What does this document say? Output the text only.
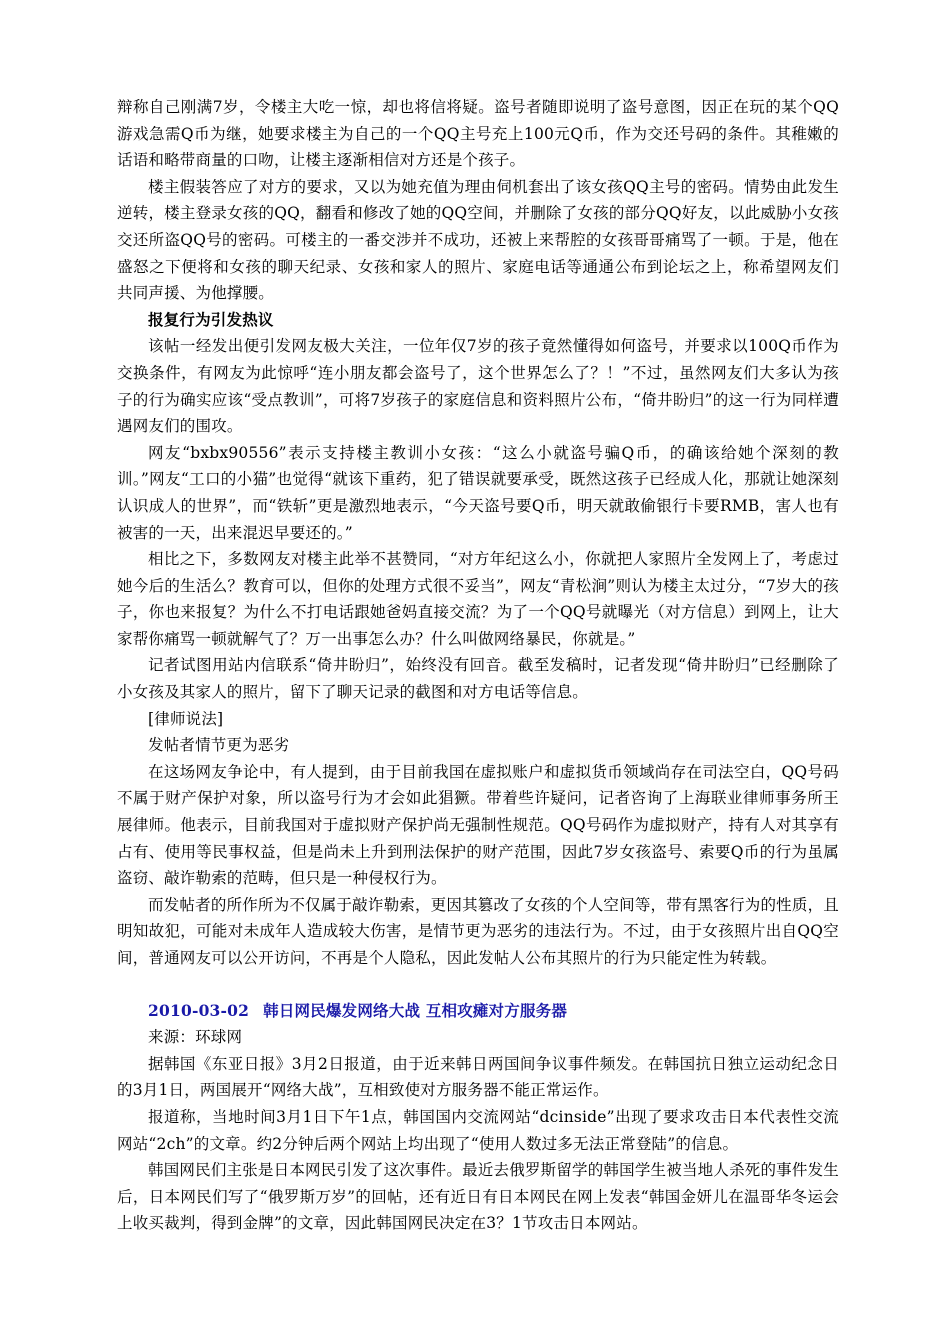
辩称自己刚满7岁，令楼主大吃一惊，却也将信将疑。盗号者随即说明了盗号意图，因正在玩的某个QQ游戏急需Q币为继，她要求楼主为自己的一个QQ主号充上100元Q币，作为交还号码的条件。其稚嫩的话语和略带商量的口吻，让楼主逐渐相信对方还是个孩子。

楼主假装答应了对方的要求，又以为她充值为理由伺机套出了该女孩QQ主号的密码。情势由此发生逆转，楼主登录女孩的QQ，翻看和修改了她的QQ空间，并删除了女孩的部分QQ好友，以此威胁小女孩交还所盗QQ号的密码。可楼主的一番交涉并不成功，还被上来帮腔的女孩哥哥痛骂了一顿。于是，他在盛怒之下便将和女孩的聊天纪录、女孩和家人的照片、家庭电话等通通公布到论坛之上，称希望网友们共同声援、为他撑腰。

报复行为引发热议

该帖一经发出便引发网友极大关注，一位年仅7岁的孩子竟然懂得如何盗号，并要求以100Q币作为交换条件，有网友为此惊呼“连小朋友都会盗号了，这个世界怎么了？！”不过，虽然网友们大多认为孩子的行为确实应该“受点教训”，可将7岁孩子的家庭信息和资料照片公布，“倚井盼归”的这一行为同样遭遇网友们的围攻。

网友“bxbx90556”表示支持楼主教训小女孩：“这么小就盗号骗Q币，的确该给她个深刻的教训。”网友“工口的小猫”也觉得“就该下重药，犯了错误就要承受，既然这孩子已经成人化，那就让她深刻认识成人的世界”，而“铁斩”更是激烈地表示，“今天盗号要Q币，明天就敢偷银行卡要RMB，害人也有被害的一天，出来混迟早要还的。”

相比之下，多数网友对楼主此举不甚赞同，“对方年纪这么小，你就把人家照片全发网上了，考虑过她今后的生活么？教育可以，但你的处理方式很不妥当”，网友“青松涧”则认为楼主太过分，“7岁大的孩子，你也来报复？为什么不打电话跟她爸妈直接交流？为了一个QQ号就曝光（对方信息）到网上，让大家帮你痛骂一顿就解气了？万一出事怎么办？什么叫做网络暴民，你就是。”

记者试图用站内信联系“倚井盼归”，始终没有回音。截至发稿时，记者发现“倚井盼归”已经删除了小女孩及其家人的照片，留下了聊天记录的截图和对方电话等信息。

[律师说法]

发帖者情节更为恶劣

在这场网友争论中，有人提到，由于目前我国在虚拟账户和虚拟货币领域尚存在司法空白，QQ号码不属于财产保护对象，所以盗号行为才会如此猖獗。带着些许疑问，记者咨询了上海联业律师事务所王展律师。他表示，目前我国对于虚拟财产保护尚无强制性规范。QQ号码作为虚拟财产，持有人对其享有占有、使用等民事权益，但是尚未上升到刑法保护的财产范围，因此7岁女孩盗号、索要Q币的行为虽属盗窃、敲诈勒索的范畴，但只是一种侵权行为。

而发帖者的所作所为不仅属于敲诈勒索，更因其篡改了女孩的个人空间等，带有黑客行为的性质，且明知故犯，可能对未成年人造成较大伤害，是情节更为恶劣的违法行为。不过，由于女孩照片出自QQ空间，普通网友可以公开访问，不再是个人隐私，因此发帖人公布其照片的行为只能定性为转载。

2010-03-02 韩日网民爆发网络大战 互相攻瘫对方服务器

来源：环球网

据韩国《东亚日报》3月2日报道，由于近来韩日两国间争议事件频发。在韩国抗日独立运动纪念日的3月1日，两国展开“网络大战”，互相致使对方服务器不能正常运作。

报道称，当地时间3月1日下午1点，韩国国内交流网站“dcinside”出现了要求攻击日本代表性交流网站“2ch”的文章。约2分钟后两个网站上均出现了“使用人数过多无法正常登陆”的信息。

韩国网民们主张是日本网民引发了这次事件。最近去俄罗斯留学的韩国学生被当地人杀死的事件发生后，日本网民们写了“俄罗斯万岁”的回帖，还有近日有日本网民在网上发表“韩国金妍儿在温哥华冬运会上收买裁判，得到金牌”的文章，因此韩国网民决定在3？1节攻击日本网站。
